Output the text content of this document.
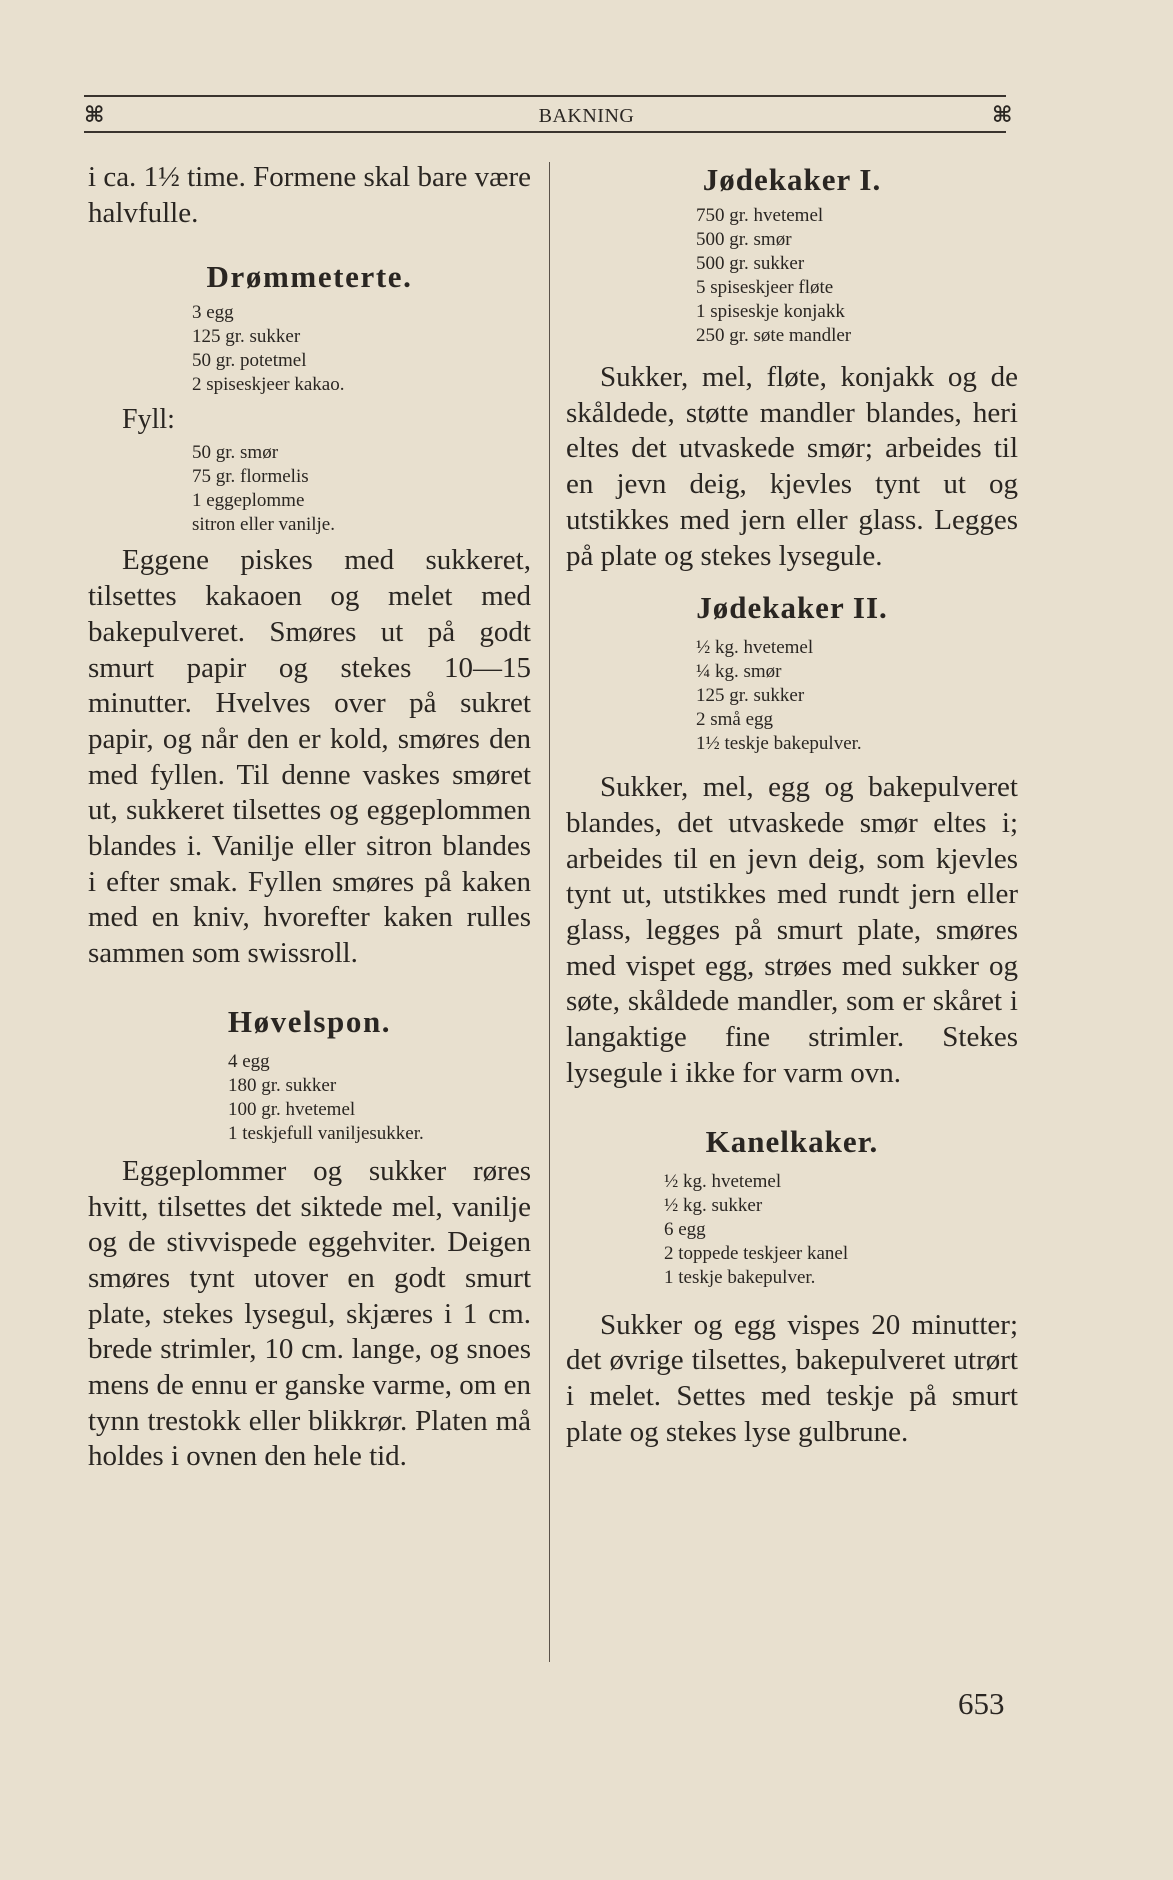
⌘	BAKNING	⌘

i ca. 1½ time. Formene skal bare være halvfulle.

Drømmeterte.
3 egg
125 gr. sukker
50 gr. potetmel
2 spiseskjeer kakao.

Fyll:

50 gr. smør
75 gr. flormelis
1 eggeplomme
sitron eller vanilje.

Eggene piskes med sukkeret, tilsettes kakaoen og melet med bakepulveret. Smøres ut på godt smurt papir og stekes 10—15 minutter. Hvelves over på sukret papir, og når den er kold, smøres den med fyllen. Til denne vaskes smøret ut, sukkeret tilsettes og eggeplommen blandes i. Vanilje eller sitron blandes i efter smak. Fyllen smøres på kaken med en kniv, hvorefter kaken rulles sammen som swissroll.

Høvelspon.
4 egg
180 gr. sukker
100 gr. hvetemel
1 teskjefull vaniljesukker.

Eggeplommer og sukker røres hvitt, tilsettes det siktede mel, vanilje og de stivvispede eggehviter. Deigen smøres tynt utover en godt smurt plate, stekes lysegul, skjæres i 1 cm. brede strimler, 10 cm. lange, og snoes mens de ennu er ganske varme, om en tynn trestokk eller blikkrør. Platen må holdes i ovnen den hele tid.

Jødekaker I.
750 gr. hvetemel
500 gr. smør
500 gr. sukker
5 spiseskjeer fløte
1 spiseskje konjakk
250 gr. søte mandler

Sukker, mel, fløte, konjakk og de skåldede, støtte mandler blandes, heri eltes det utvaskede smør; arbeides til en jevn deig, kjevles tynt ut og utstikkes med jern eller glass. Legges på plate og stekes lysegule.

Jødekaker II.
½ kg. hvetemel
¼ kg. smør
125 gr. sukker
2 små egg
1½ teskje bakepulver.

Sukker, mel, egg og bakepulveret blandes, det utvaskede smør eltes i; arbeides til en jevn deig, som kjevles tynt ut, utstikkes med rundt jern eller glass, legges på smurt plate, smøres med vispet egg, strøes med sukker og søte, skåldede mandler, som er skåret i langaktige fine strimler. Stekes lysegule i ikke for varm ovn.

Kanelkaker.
½ kg. hvetemel
½ kg. sukker
6 egg
2 toppede teskjeer kanel
1 teskje bakepulver.

Sukker og egg vispes 20 minutter; det øvrige tilsettes, bakepulveret utrørt i melet. Settes med teskje på smurt plate og stekes lyse gulbrune.

653
